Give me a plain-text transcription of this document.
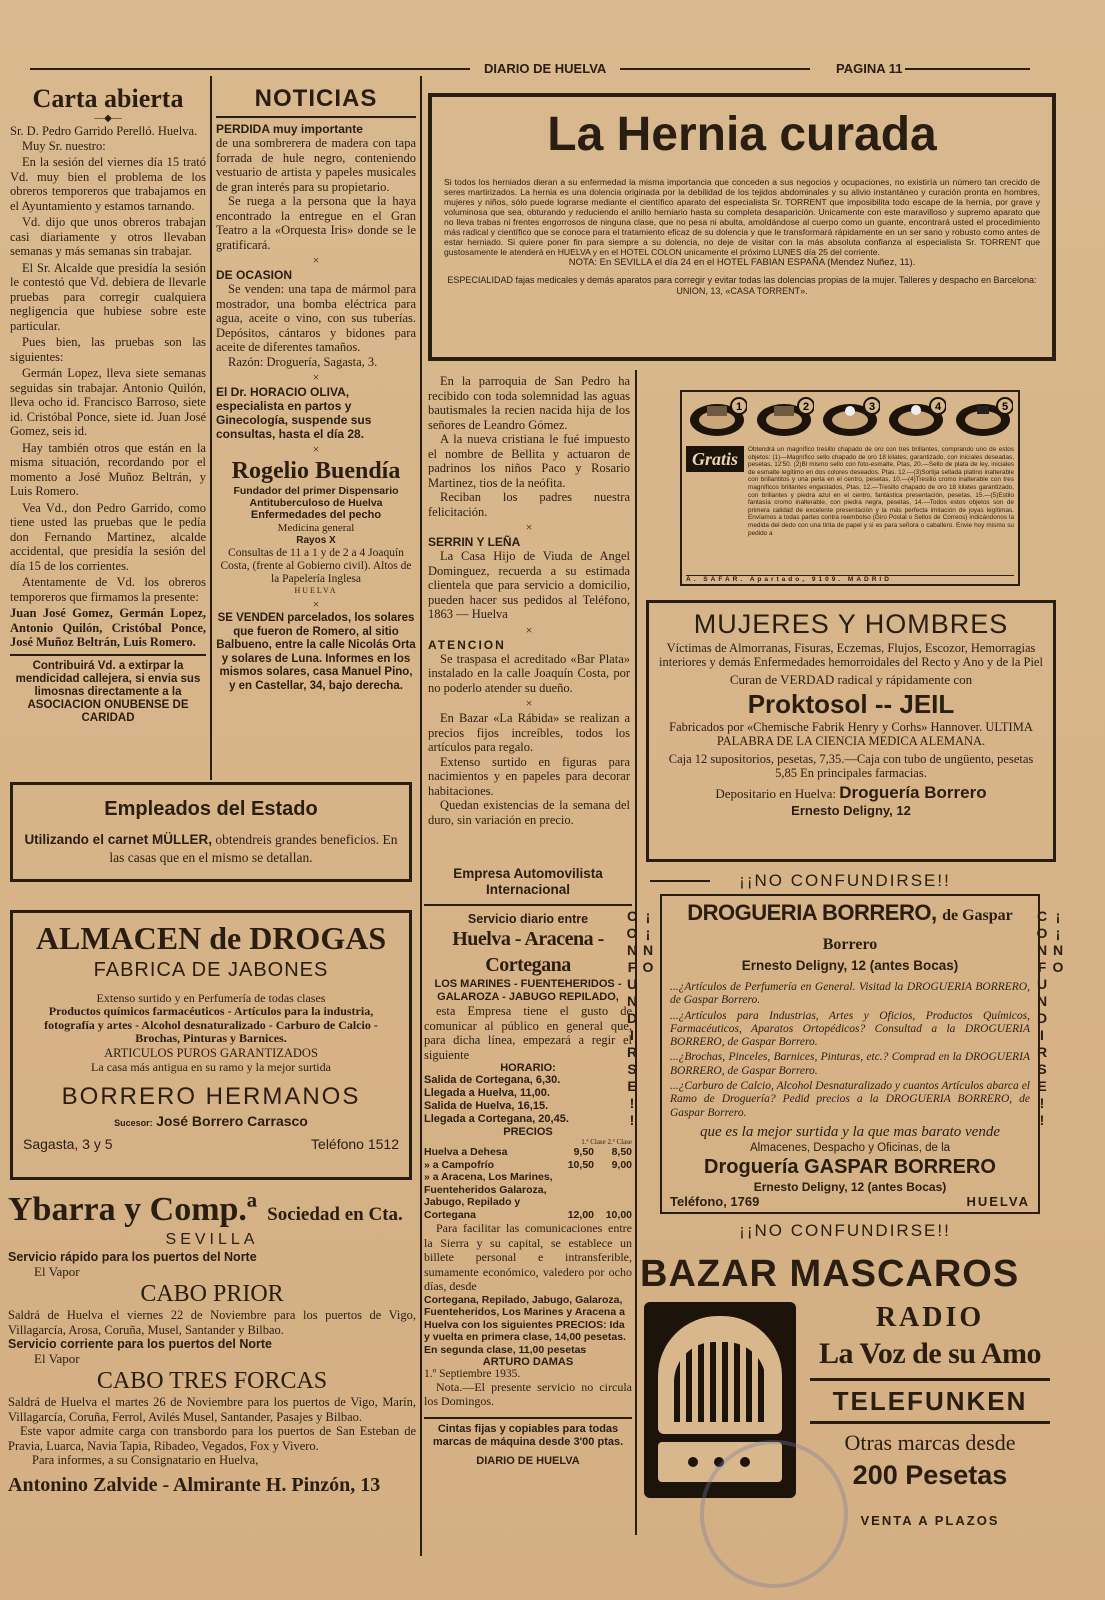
DIARIO DE HUELVA	PAGINA 11
Carta abierta
—◆—
Sr. D. Pedro Garrido Perelló. Huelva.

Muy Sr. nuestro:

En la sesión del viernes día 15 trató Vd. muy bien el problema de los obreros temporeros que trabajamos en el Ayuntamiento y estamos tarnando.

Vd. dijo que unos obreros trabajan casi diariamente y otros llevaban semanas y más semanas sin trabajar.

El Sr. Alcalde que presidía la sesión le contestó que Vd. debiera de llevarle pruebas para corregir cualquiera negligencia que hubiese sobre este particular.

Pues bien, las pruebas son las siguientes:

Germán Lopez, lleva siete semanas seguidas sin trabajar. Antonio Quilón, lleva ocho id. Francisco Barroso, siete id. Cristóbal Ponce, siete id. Juan José Gomez, seis id.

Hay también otros que están en la misma situación, recordando por el momento a José Muñoz Beltrán, y Luis Romero.

Vea Vd., don Pedro Garrido, como tiene usted las pruebas que le pedía don Fernando Martinez, alcalde accidental, que presidía la sesión del día 15 de los corrientes.

Atentamente de Vd. los obreros temporeros que firmamos la presente:

Juan José Gomez, Germán Lopez, Antonio Quilón, Cristóbal Ponce, José Muñoz Beltrán, Luis Romero.
Contribuirá Vd. a extirpar la mendicidad callejera, si envia sus limosnas directamente a la ASOCIACION ONUBENSE DE CARIDAD
NOTICIAS
PERDIDA muy importante
de una sombrerera de madera con tapa forrada de hule negro, conteniendo vestuario de artista y papeles musicales de gran interés para su propietario.
Se ruega a la persona que la haya encontrado la entregue en el Gran Teatro a la «Orquesta Iris» donde se le gratificará.
×
DE OCASION
Se venden: una tapa de mármol para mostrador, una bomba eléctrica para agua, aceite o vino, con sus tuberías. Depósitos, cántaros y bidones para aceite de diferentes tamaños.
Razón: Droguería, Sagasta, 3.
×
El Dr. HORACIO OLIVA, especialista en partos y Ginecología, suspende sus consultas, hasta el día 28.
×
Rogelio Buendía
Fundador del primer Dispensario Antituberculoso de Huelva
Enfermedades del pecho
Medicina general
Rayos X
Consultas de 11 a 1 y de 2 a 4 Joaquín Costa, (frente al Gobierno civil). Altos de la Papelería Inglesa
HUELVA
×
SE VENDEN parcelados, los solares que fueron de Romero, al sitio Balbueno, entre la calle Nicolás Orta y solares de Luna. Informes en los mismos solares, casa Manuel Pino, y en Castellar, 34, bajo derecha.
Empleados del Estado
Utilizando el carnet MÜLLER, obtendreis grandes beneficios. En las casas que en el mismo se detallan.
ALMACEN de DROGAS
FABRICA DE JABONES
Extenso surtido y en Perfumería de todas clases
Productos químicos farmacéuticos - Artículos para la industria, fotografía y artes - Alcohol desnaturalizado - Carburo de Calcio - Brochas, Pinturas y Barnices.
ARTICULOS PUROS GARANTIZADOS
La casa más antigua en su ramo y la mejor surtida
BORRERO HERMANOS
Sucesor: José Borrero Carrasco
Sagasta, 3 y 5	Teléfono 1512
Ybarra y Comp.ª Sociedad en Cta.
SEVILLA
Servicio rápido para los puertos del Norte
El Vapor
CABO PRIOR
Saldrá de Huelva el viernes 22 de Noviembre para los puertos de Vigo, Villagarcía, Arosa, Coruña, Musel, Santander y Bilbao.
Servicio corriente para los puertos del Norte
El Vapor
CABO TRES FORCAS
Saldrá de Huelva el martes 26 de Noviembre para los puertos de Vigo, Marín, Villagarcía, Coruña, Ferrol, Avilés Musel, Santander, Pasajes y Bilbao.
Este vapor admite carga con transbordo para los puertos de San Esteban de Pravia, Luarca, Navia Tapia, Ribadeo, Vegados, Fox y Vivero.
Para informes, a su Consignatario en Huelva,
Antonino Zalvide - Almirante H. Pinzón, 13
La Hernia curada
Si todos los herniados dieran a su enfermedad la misma importancia que conceden a sus negocios y ocupaciones, no existiría un número tan crecido de seres martirizados. La hernia es una dolencia originada por la debilidad de los tejidos abdominales y su alivio instantáneo y curación pronta en hombres, mujeres y niños, sólo puede lograrse mediante el científico aparato del especialista Sr. TORRENT que imposibilita todo escape de la hernia, por grave y voluminosa que sea, obturando y reduciendo el anillo herniario hasta su completa desaparición. Unicamente con este maravilloso y supremo aparato que no lleva trabas ni frentes engorrosos de ninguna clase, que no pesa ni abulta, amoldándose al cuerpo como un guante, encontrará usted el procedimiento más radical y científico que se conoce para el tratamiento eficaz de su dolencia y que le transformará rápidamente en un ser sano y robusto como antes de estar herniado. Si quiere poner fin para siempre a su dolencia, no deje de visitar con la más absoluta confianza al especialista Sr. TORRENT que gustosamente le atenderá en HUELVA y en el HOTEL COLON unicamente el próximo LUNES día 25 del corriente.
NOTA: En SEVILLA el día 24 en el HOTEL FABIAN ESPAÑA (Mendez Nuñez, 11).
ESPECIALIDAD fajas medicales y demás aparatos para corregir y evitar todas las dolencias propias de la mujer. Talleres y despacho en Barcelona: UNION, 13, «CASA TORRENT».
En la parroquia de San Pedro ha recibido con toda solemnidad las aguas bautismales la recien nacida hija de los señores de Leandro Gómez.
A la nueva cristiana le fué impuesto el nombre de Bellita y actuaron de padrinos los niños Paco y Rosario Martinez, tios de la neófita.
Reciban los padres nuestra felicitación.
×
SERRIN Y LEÑA
La Casa Hijo de Viuda de Angel Dominguez, recuerda a su estimada clientela que para servicio a domicilio, pueden hacer sus pedidos al Teléfono, 1863 — Huelva
×
ATENCION
Se traspasa el acreditado «Bar Plata» instalado en la calle Joaquín Costa, por no poderlo atender su dueño.
×
En Bazar «La Rábida» se realizan a precios fijos increíbles, todos los artículos para regalo.
Extenso surtido en figuras para nacimientos y en papeles para decorar habitaciones.
Quedan existencias de la semana del duro, sin variación en precio.
1	2	3	4	5
Gratis	Obtendrá un magnífico tresillo chapado de oro con tres brillantes, comprando uno de estos objetos: (1)—Magnífico sello chapado de oro 18 kilates, garantizado, con iniciales deseadas, pesetas, 12'50. (2)Bl mismo sello con foto-esmalte, Ptas, 20.—Sello de plata de ley, iniciales de esmalte legítimo en dos colores deseados. Ptas. 12.—(3)Sortija sellada platino inalterable con brillantitos y una perla en el centro, pesetas, 10.—(4)Tresillo cromo inalterable con tres magníficos brillantes engastados, Ptas, 12.—Tresillo chapado de oro 18 kilates garantizado, con brillantes y piedra azul en el centro, fantástica presentación, pesetas, 15.—(5)Estilo fantasía cromo inalterable, con piedra negra, pesetas, 14.—Todos estos objetos son de primera calidad de excelente presentación y la más perfecta imitación de joyas legítimas. Envíamos a todas partes contra reembolso (Giro Postal o Sellos de Correos) indicándonos la medida del dedo con una tirita de papel y si es para señora o caballero. Envie hoy mismo su pedido a
A. SAFAR. Apartado, 9109. MADRID
MUJERES Y HOMBRES
Víctimas de Almorranas, Fisuras, Eczemas, Flujos, Escozor, Hemorragias interiores y demás Enfermedades hemorroidales del Recto y Ano y de la Piel
Curan de VERDAD radical y rápidamente con
Proktosol -- JEIL
Fabricados por «Chemische Fabrik Henry y Corhs» Hannover. ULTIMA PALABRA DE LA CIENCIA MEDICA ALEMANA.
Caja 12 supositorios, pesetas, 7,35.—Caja con tubo de ungüento, pesetas 5,85 En principales farmacias.
Depositario en Huelva: Droguería Borrero
Ernesto Deligny, 12
Empresa Automovilista Internacional
Servicio diario entre
Huelva - Aracena - Cortegana
LOS MARINES - FUENTEHERIDOS - GALAROZA - JABUGO REPILADO,
esta Empresa tiene el gusto de comunicar al público en general que, para dicha línea, empezará a regir el siguiente
HORARIO:
Salida de Cortegana, 6,30.
Llegada a Huelva, 11,00.
Salida de Huelva, 16,15.
Llegada a Cortegana, 20,45.
PRECIOS
1.ª Clase 2.ª Clase
Huelva a Dehesa	9,50	8,50
» a Campofrío	10,50	9,00
» a Aracena, Los Marines, Fuenteheridos Galaroza, Jabugo, Repilado y Cortegana	12,00	10,00
Para facilitar las comunicaciones entre la Sierra y su capital, se establece un billete personal e intransferible, sumamente económico, valedero por ocho días, desde
Cortegana, Repilado, Jabugo, Galaroza, Fuenteheridos, Los Marines y Aracena a Huelva con los siguientes PRECIOS: Ida y vuelta en primera clase, 14,00 pesetas.
En segunda clase, 11,00 pesetas
ARTURO DAMAS
1.º Septiembre 1935.
Nota.—El presente servicio no circula los Domingos.
Cintas fijas y copiables para todas marcas de máquina desde 3'00 ptas.
DIARIO DE HUELVA
¡¡NO CONFUNDIRSE!!
¡¡NO CONFUNDIRSE!!	¡¡NO CONFUNDIRSE!!
DROGUERIA BORRERO, de Gaspar Borrero
Ernesto Deligny, 12 (antes Bocas)

...¿Artículos de Perfumería en General. Visitad la DROGUERIA BORRERO, de Gaspar Borrero.

...¿Artículos para Industrias, Artes y Oficios, Productos Químicos, Farmacéuticos, Aparatos Ortopédicos? Consultad a la DROGUERIA BORRERO, de Gaspar Borrero.

...¿Brochas, Pinceles, Barnices, Pinturas, etc.? Comprad en la DROGUERIA BORRERO, de Gaspar Borrero.

...¿Carburo de Calcio, Alcohol Desnaturalizado y cuantos Artículos abarca el Ramo de Droguería? Pedid precios a la DROGUERIA BORRERO, de Gaspar Borrero.

que es la mejor surtida y la que mas barato vende
Almacenes, Despacho y Oficinas, de la
Droguería GASPAR BORRERO
Ernesto Deligny, 12 (antes Bocas)
Teléfono, 1769	HUELVA
¡¡NO CONFUNDIRSE!!
BAZAR MASCAROS
RADIO
La Voz de su Amo
TELEFUNKEN
Otras marcas desde
200 Pesetas
VENTA A PLAZOS
